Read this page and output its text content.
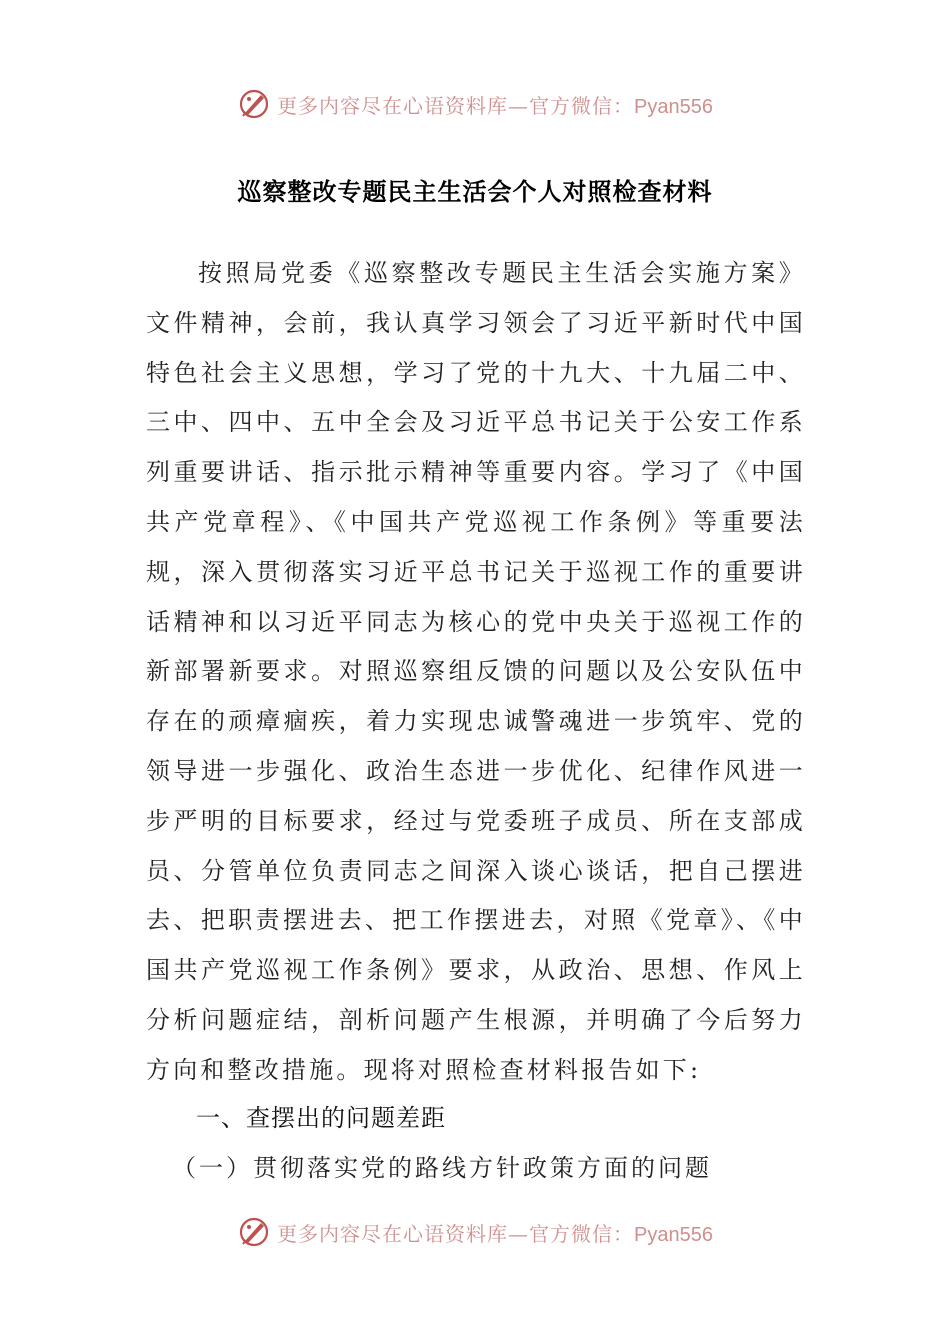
更多内容尽在心语资料库—官方微信：Pyan556
巡察整改专题民主生活会个人对照检查材料

按照局党委《巡察整改专题民主生活会实施方案》文件精神，会前，我认真学习领会了习近平新时代中国特色社会主义思想，学习了党的十九大、十九届二中、三中、四中、五中全会及习近平总书记关于公安工作系列重要讲话、指示批示精神等重要内容。学习了《中国共产党章程》、《中国共产党巡视工作条例》等重要法规，深入贯彻落实习近平总书记关于巡视工作的重要讲话精神和以习近平同志为核心的党中央关于巡视工作的新部署新要求。对照巡察组反馈的问题以及公安队伍中存在的顽瘴痼疾，着力实现忠诚警魂进一步筑牢、党的领导进一步强化、政治生态进一步优化、纪律作风进一步严明的目标要求，经过与党委班子成员、所在支部成员、分管单位负责同志之间深入谈心谈话，把自己摆进去、把职责摆进去、把工作摆进去，对照《党章》、《中国共产党巡视工作条例》要求，从政治、思想、作风上分析问题症结，剖析问题产生根源，并明确了今后努力方向和整改措施。现将对照检查材料报告如下:

一、查摆出的问题差距
（一）贯彻落实党的路线方针政策方面的问题
更多内容尽在心语资料库—官方微信：Pyan556
